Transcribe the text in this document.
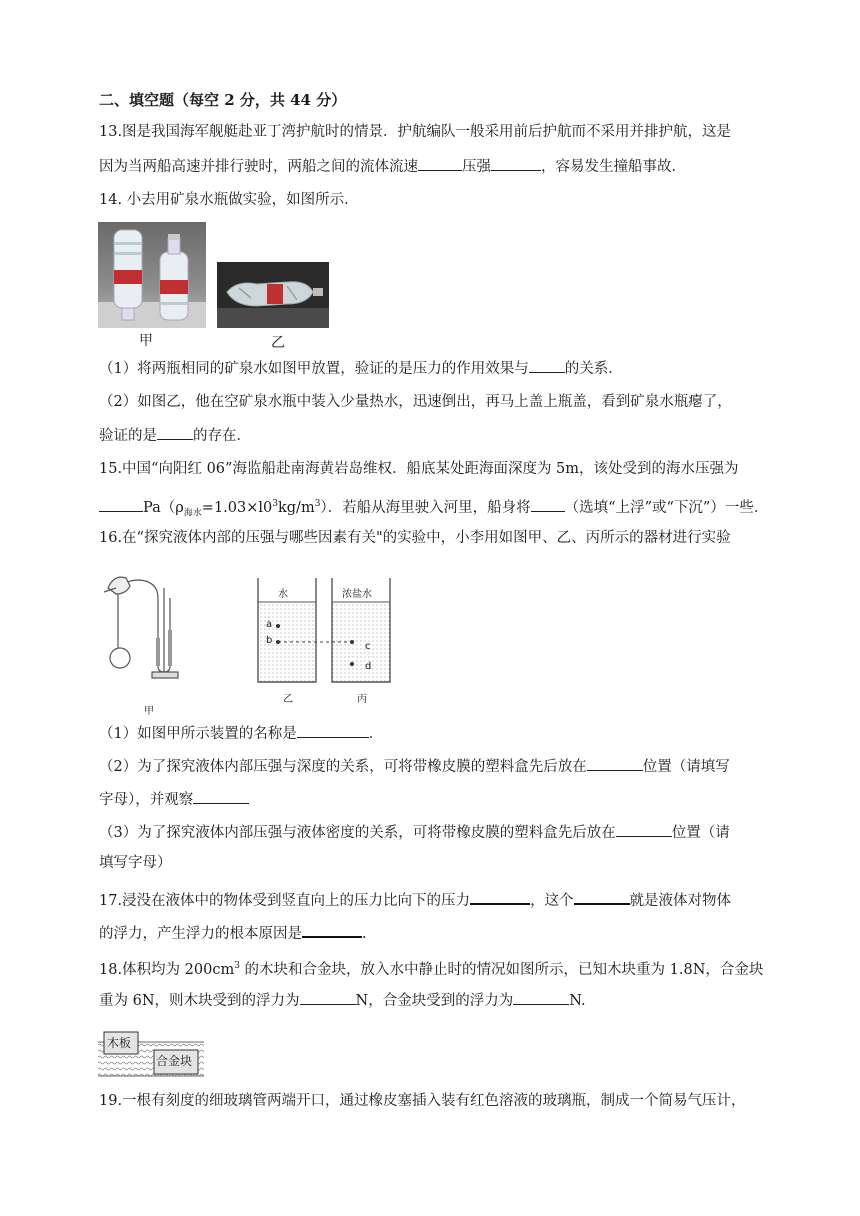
二、填空题（每空 2 分，共 44 分）
13.图是我国海军舰艇赴亚丁湾护航时的情景．护航编队一般采用前后护航而不采用并排护航，这是
因为当两船高速并排行驶时，两船之间的流体流速	压强	，容易发生撞船事故．
14. 小去用矿泉水瓶做实验，如图所示．
甲	乙
（1）将两瓶相同的矿泉水如图甲放置，验证的是压力的作用效果与 的关系．
（2）如图乙，他在空矿泉水瓶中装入少量热水，迅速倒出，再马上盖上瓶盖，看到矿泉水瓶瘪了，
验证的是 的存在．
15.中国“向阳红 06”海监船赴南海黄岩岛维权．船底某处距海面深度为 5m，该处受到的海水压强为
$Pa(\rho_{海水}=1.03\times l0^3kg/m^3)$．若船从海里驶入河里，船身将 （选填“上浮”或“下沉”）一些．
16.在“探究液体内部的压强与哪些因素有关"的实验中，小李用如图甲、乙、丙所示的器材进行实验
甲
水	浓盐水
a
b
c
d
乙	丙
（1）如图甲所示装置的名称是	．
（2）为了探究液体内部压强与深度的关系，可将带橡皮膜的塑料盒先后放在	位置（请填写
字母），并观察
（3）为了探究液体内部压强与液体密度的关系，可将带橡皮膜的塑料盒先后放在	位置（请
填写字母）
17.浸没在液体中的物体受到竖直向上的压力比向下的压力	，这个	就是液体对物体
的浮力，产生浮力的根本原因是	.
18.体积均为 $200cm^3$ 的木块和合金块，放入水中静止时的情况如图所示，已知木块重为 1.8N，合金块
重为 6N，则木块受到的浮力为	N，合金块受到的浮力为	N.
木板
合金块
19.一根有刻度的细玻璃管两端开口，通过橡皮塞插入装有红色溶液的玻璃瓶，制成一个简易气压计，
